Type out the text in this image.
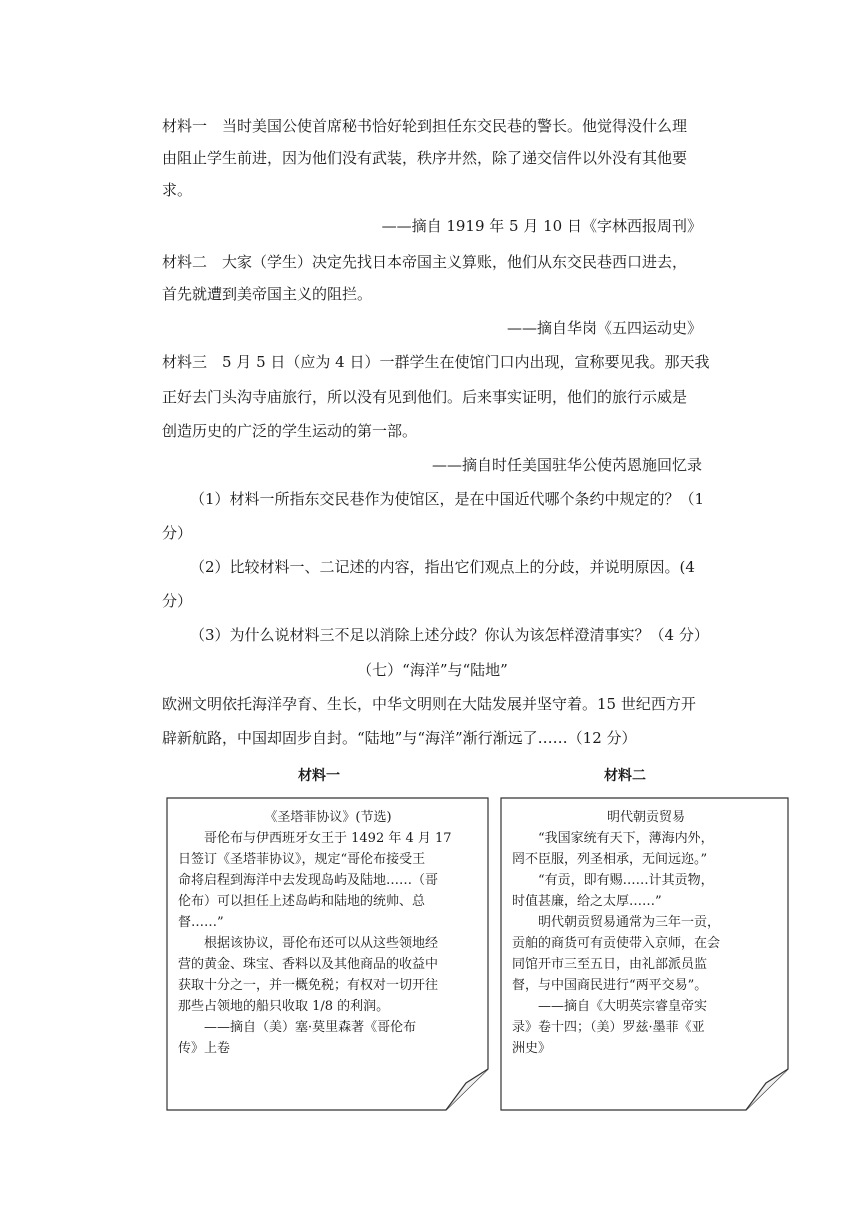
材料一　当时美国公使首席秘书恰好轮到担任东交民巷的警长。他觉得没什么理
由阻止学生前进，因为他们没有武装，秩序井然，除了递交信件以外没有其他要
求。
——摘自 1919 年 5 月 10 日《字林西报周刊》
材料二　大家（学生）决定先找日本帝国主义算账，他们从东交民巷西口进去，
首先就遭到美帝国主义的阻拦。
——摘自华岗《五四运动史》
材料三　5 月 5 日（应为 4 日）一群学生在使馆门口内出现，宣称要见我。那天我
正好去门头沟寺庙旅行，所以没有见到他们。后来事实证明，他们的旅行示威是
创造历史的广泛的学生运动的第一部。
——摘自时任美国驻华公使芮恩施回忆录
（1）材料一所指东交民巷作为使馆区，是在中国近代哪个条约中规定的？（1
分）
（2）比较材料一、二记述的内容，指出它们观点上的分歧，并说明原因。(4
分）
（3）为什么说材料三不足以消除上述分歧？你认为该怎样澄清事实？（4 分）
（七）“海洋”与“陆地”
欧洲文明依托海洋孕育、生长，中华文明则在大陆发展并坚守着。15 世纪西方开
辟新航路，中国却固步自封。“陆地”与“海洋”渐行渐远了……（12 分）
材料一	材料二
《圣塔菲协议》(节选)
　　哥伦布与伊西班牙女王于 1492 年 4 月 17
日签订《圣塔菲协议》，规定“哥伦布接受王
命将启程到海洋中去发现岛屿及陆地……（哥
伦布）可以担任上述岛屿和陆地的统帅、总
督……”
　　根据该协议，哥伦布还可以从这些领地经
营的黄金、珠宝、香料以及其他商品的收益中
获取十分之一，并一概免税；有权对一切开往
那些占领地的船只收取 1/8 的利润。
　　——摘自（美）塞·莫里森著《哥伦布
传》上卷
明代朝贡贸易
　　“我国家统有天下，薄海内外，
罔不臣服，列圣相承，无间远迩。”
　　“有贡，即有赐……计其贡物，
时值甚廉，给之太厚……”
　　明代朝贡贸易通常为三年一贡，
贡舶的商货可有贡使带入京师，在会
同馆开市三至五日，由礼部派员监
督，与中国商民进行“两平交易”。
　　——摘自《大明英宗睿皇帝实
录》卷十四；（美）罗兹·墨菲《亚
洲史》
